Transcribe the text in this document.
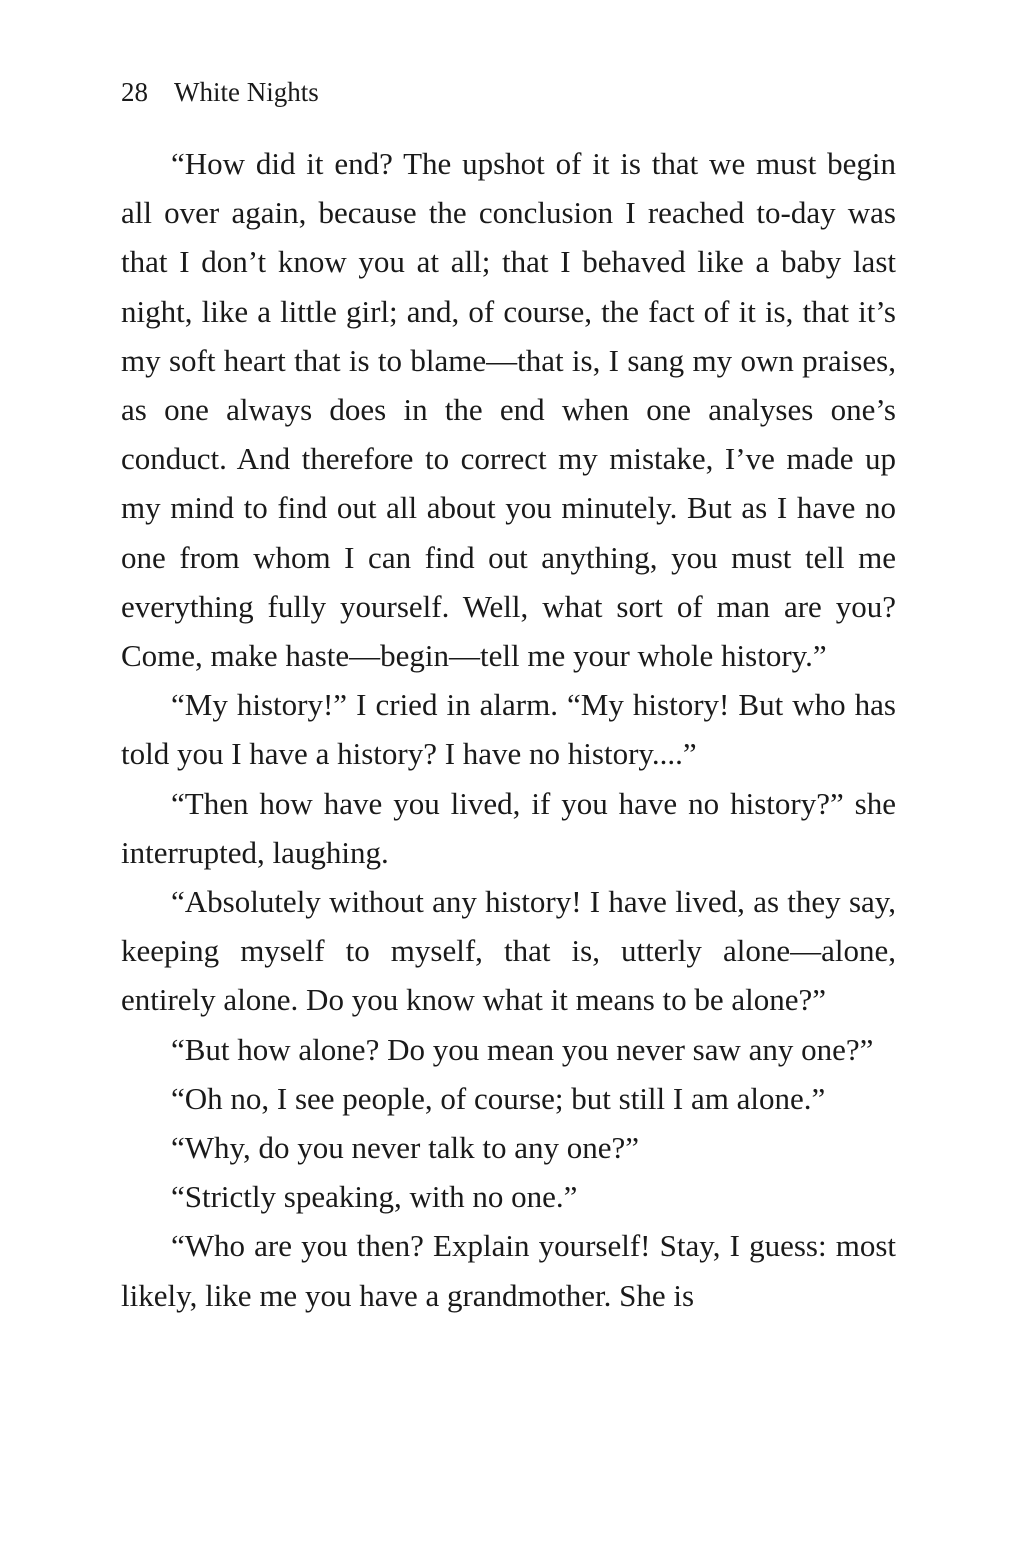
28 White Nights

“How did it end? The upshot of it is that we must begin all over again, because the conclusion I reached to-day was that I don’t know you at all; that I behaved like a baby last night, like a little girl; and, of course, the fact of it is, that it’s my soft heart that is to blame—that is, I sang my own praises, as one always does in the end when one analyses one’s conduct. And therefore to correct my mistake, I’ve made up my mind to find out all about you minutely. But as I have no one from whom I can find out anything, you must tell me everything fully yourself. Well, what sort of man are you? Come, make haste—begin—tell me your whole history.”

“My history!” I cried in alarm. “My history! But who has told you I have a history? I have no history....”

“Then how have you lived, if you have no history?” she interrupted, laughing.

“Absolutely without any history! I have lived, as they say, keeping myself to myself, that is, utterly alone—alone, entirely alone. Do you know what it means to be alone?”

“But how alone? Do you mean you never saw any one?”

“Oh no, I see people, of course; but still I am alone.”

“Why, do you never talk to any one?”

“Strictly speaking, with no one.”

“Who are you then? Explain yourself! Stay, I guess: most likely, like me you have a grandmother. She is
